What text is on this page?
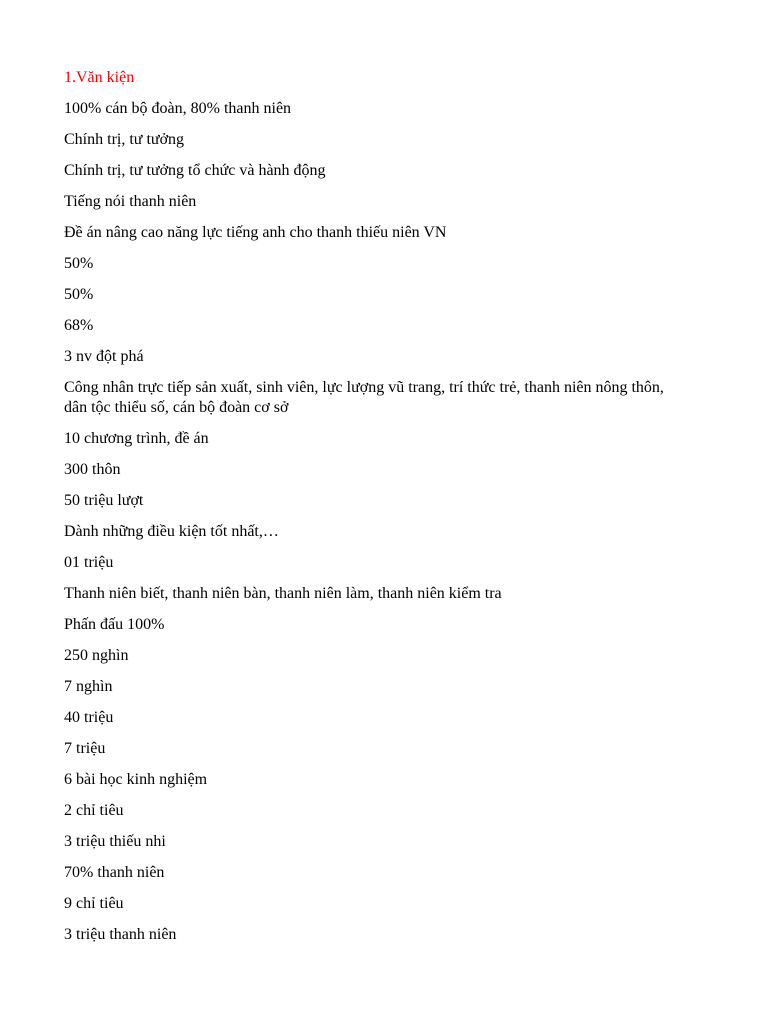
1.Văn kiện
100% cán bộ đoàn, 80% thanh niên
Chính trị, tư tưởng
Chính trị, tư tưởng tổ chức và hành động
Tiếng nói thanh niên
Đề án nâng cao năng lực tiếng anh cho thanh thiếu niên VN
50%
50%
68%
3 nv đột phá
Công nhân trực tiếp sản xuất, sinh viên, lực lượng vũ trang, trí thức trẻ, thanh niên nông thôn, dân tộc thiểu số, cán bộ đoàn cơ sở
10 chương trình, đề án
300 thôn
50 triệu lượt
Dành những điều kiện tốt nhất,…
01 triệu
Thanh niên biết, thanh niên bàn, thanh niên làm, thanh niên kiểm tra
Phấn đấu 100%
250 nghìn
7 nghìn
40 triệu
7 triệu
6 bài học kinh nghiệm
2 chỉ tiêu
3 triệu thiếu nhi
70% thanh niên
9 chỉ tiêu
3 triệu thanh niên
